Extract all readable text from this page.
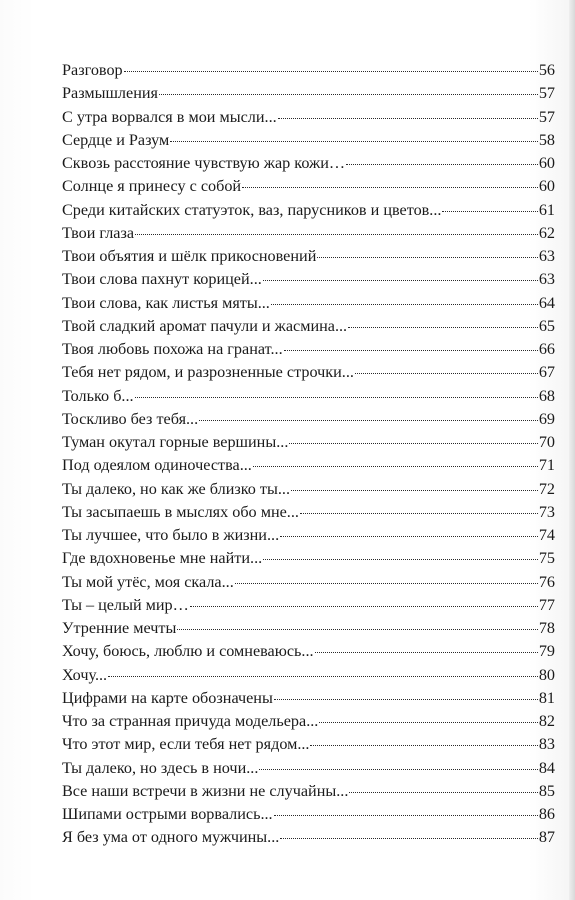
Разговор	56
Размышления	57
С утра ворвался в мои мысли...	57
Сердце и Разум	58
Сквозь расстояние чувствую жар кожи…	60
Солнце я принесу с собой	60
Среди китайских статуэток, ваз, парусников и цветов...	61
Твои глаза	62
Твои объятия и шёлк прикосновений	63
Твои слова пахнут корицей...	63
Твои слова, как листья мяты...	64
Твой сладкий аромат пачули и жасмина...	65
Твоя любовь похожа на гранат...	66
Тебя нет рядом, и разрозненные строчки...	67
Только б...	68
Тоскливо без тебя...	69
Туман окутал горные вершины...	70
Под одеялом одиночества...	71
Ты далеко, но как же близко ты...	72
Ты засыпаешь в мыслях обо мне...	73
Ты лучшее, что было в жизни...	74
Где вдохновенье мне найти...	75
Ты мой утёс, моя скала...	76
Ты – целый мир…	77
Утренние мечты	78
Хочу, боюсь, люблю и сомневаюсь...	79
Хочу...	80
Цифрами на карте обозначены	81
Что за странная причуда модельера...	82
Что этот мир, если тебя нет рядом...	83
Ты далеко, но здесь в ночи...	84
Все наши встречи в жизни не случайны...	85
Шипами острыми ворвались...	86
Я без ума от одного мужчины...	87
